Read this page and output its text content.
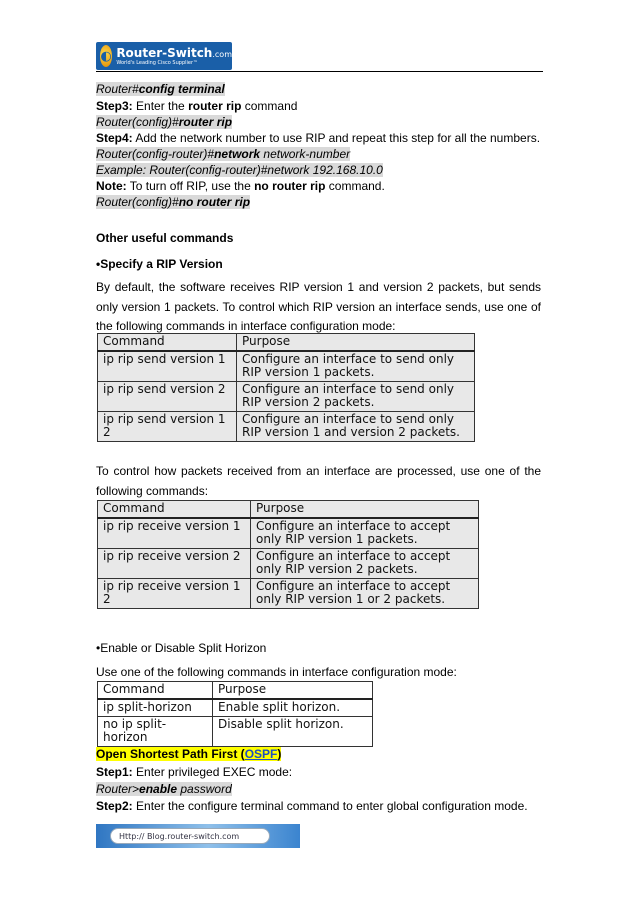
◐ Router-Switch.com
World's Leading Cisco Supplier™
Router#config terminal
Step3: Enter the router rip command
Router(config)#router rip
Step4: Add the network number to use RIP and repeat this step for all the numbers.
Router(config-router)#network network-number
Example: Router(config-router)#network 192.168.10.0
Note: To turn off RIP, use the no router rip command.
Router(config)#no router rip
Other useful commands
•Specify a RIP Version
By default, the software receives RIP version 1 and version 2 packets, but sends only version 1 packets. To control which RIP version an interface sends, use one of the following commands in interface configuration mode:
Command	Purpose
ip rip send version 1	Configure an interface to send only RIP version 1 packets.
ip rip send version 2	Configure an interface to send only RIP version 2 packets.
ip rip send version 1 2	Configure an interface to send only RIP version 1 and version 2 packets.
To control how packets received from an interface are processed, use one of the following commands:
Command	Purpose
ip rip receive version 1	Configure an interface to accept only RIP version 1 packets.
ip rip receive version 2	Configure an interface to accept only RIP version 2 packets.
ip rip receive version 1 2	Configure an interface to accept only RIP version 1 or 2 packets.
•Enable or Disable Split Horizon
Use one of the following commands in interface configuration mode:
Command	Purpose
ip split-horizon	Enable split horizon.
no ip split-horizon	Disable split horizon.
Open Shortest Path First (OSPF)
Step1: Enter privileged EXEC mode:
Router>enable password
Step2: Enter the configure terminal command to enter global configuration mode.
Http:// Blog.router-switch.com
